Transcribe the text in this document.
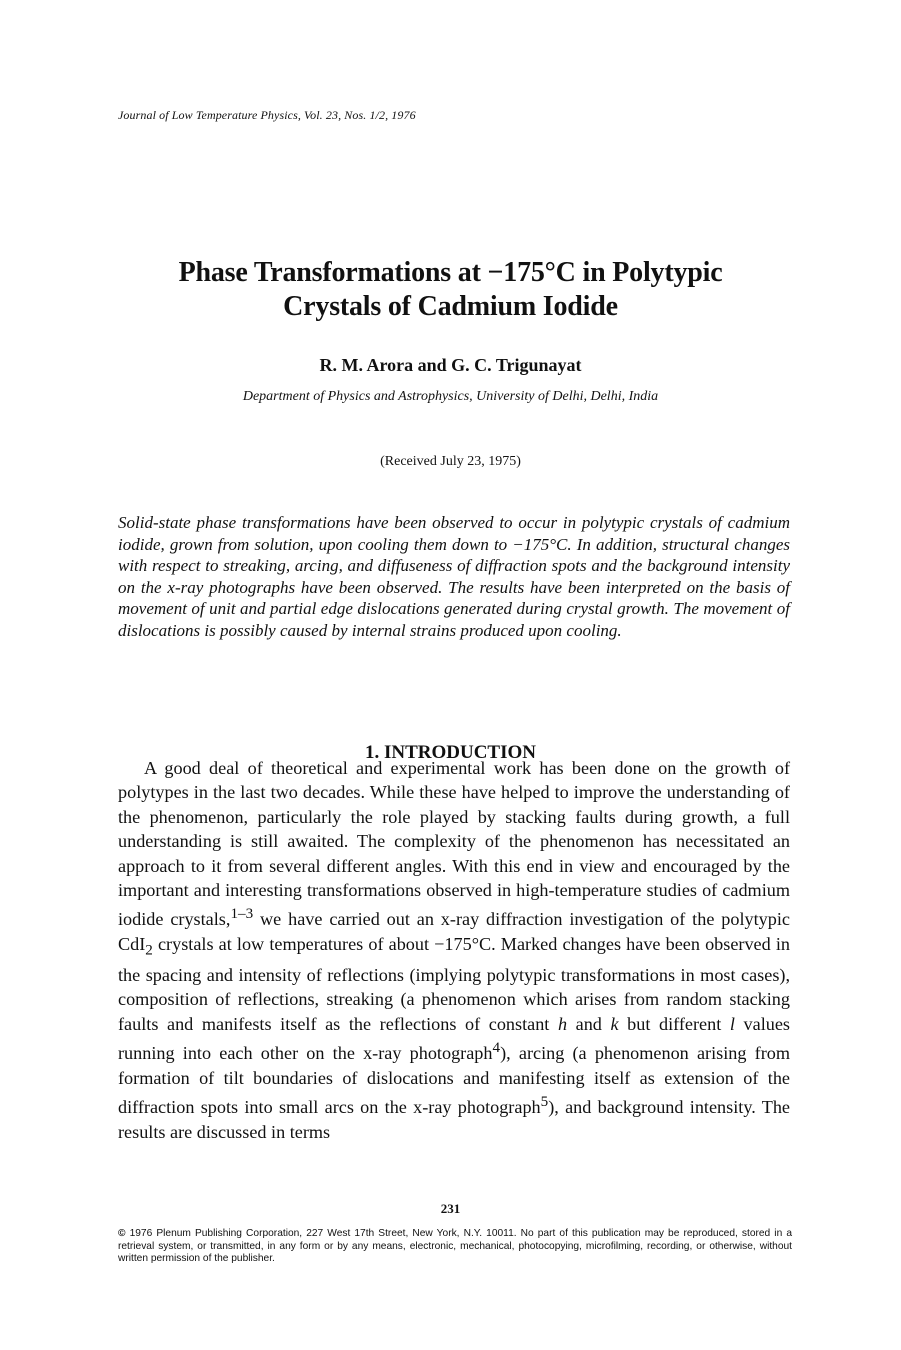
Journal of Low Temperature Physics, Vol. 23, Nos. 1/2, 1976
Phase Transformations at −175°C in Polytypic
Crystals of Cadmium Iodide
R. M. Arora and G. C. Trigunayat
Department of Physics and Astrophysics, University of Delhi, Delhi, India
(Received July 23, 1975)
Solid-state phase transformations have been observed to occur in polytypic crystals of cadmium iodide, grown from solution, upon cooling them down to −175°C. In addition, structural changes with respect to streaking, arcing, and diffuseness of diffraction spots and the background intensity on the x-ray photographs have been observed. The results have been interpreted on the basis of movement of unit and partial edge dislocations generated during crystal growth. The movement of dislocations is possibly caused by internal strains produced upon cooling.
1. INTRODUCTION

A good deal of theoretical and experimental work has been done on the growth of polytypes in the last two decades. While these have helped to improve the understanding of the phenomenon, particularly the role played by stacking faults during growth, a full understanding is still awaited. The complexity of the phenomenon has necessitated an approach to it from several different angles. With this end in view and encouraged by the important and interesting transformations observed in high-temperature studies of cadmium iodide crystals,$^{1-3}$ we have carried out an x-ray diffraction investigation of the polytypic CdI$_2$ crystals at low temperatures of about −175°C. Marked changes have been observed in the spacing and intensity of reflections (implying polytypic transformations in most cases), composition of reflections, streaking (a phenomenon which arises from random stacking faults and manifests itself as the reflections of constant h and k but different l values running into each other on the x-ray photograph$^4$), arcing (a phenomenon arising from formation of tilt boundaries of dislocations and manifesting itself as extension of the diffraction spots into small arcs on the x-ray photograph$^5$), and background intensity. The results are discussed in terms

231
© 1976 Plenum Publishing Corporation, 227 West 17th Street, New York, N.Y. 10011. No part of this publication may be reproduced, stored in a retrieval system, or transmitted, in any form or by any means, electronic, mechanical, photocopying, microfilming, recording, or otherwise, without written permission of the publisher.
